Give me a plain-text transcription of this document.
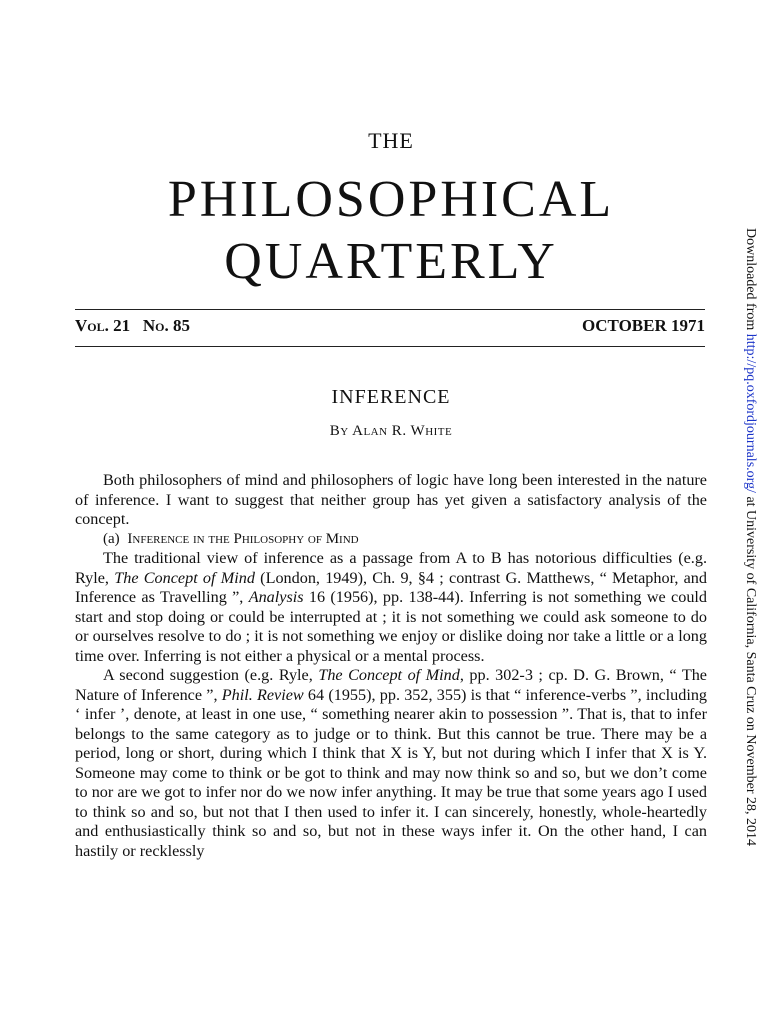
THE
PHILOSOPHICAL
QUARTERLY
Vol. 21 No. 85	OCTOBER 1971
INFERENCE
By Alan R. White

Both philosophers of mind and philosophers of logic have long been interested in the nature of inference. I want to suggest that neither group has yet given a satisfactory analysis of the concept.

(a) Inference in the Philosophy of Mind

The traditional view of inference as a passage from A to B has notorious difficulties (e.g. Ryle, The Concept of Mind (London, 1949), Ch. 9, §4 ; contrast G. Matthews, “ Metaphor, and Inference as Travelling ”, Analysis 16 (1956), pp. 138-44). Inferring is not something we could start and stop doing or could be interrupted at ; it is not something we could ask someone to do or ourselves resolve to do ; it is not something we enjoy or dislike doing nor take a little or a long time over. Inferring is not either a physical or a mental process.

A second suggestion (e.g. Ryle, The Concept of Mind, pp. 302-3 ; cp. D. G. Brown, “ The Nature of Inference ”, Phil. Review 64 (1955), pp. 352, 355) is that “ inference-verbs ”, including ‘ infer ’, denote, at least in one use, “ something nearer akin to possession ”. That is, that to infer belongs to the same category as to judge or to think. But this cannot be true. There may be a period, long or short, during which I think that X is Y, but not during which I infer that X is Y. Someone may come to think or be got to think and may now think so and so, but we don’t come to nor are we got to infer nor do we now infer anything. It may be true that some years ago I used to think so and so, but not that I then used to infer it. I can sincerely, honestly, whole-heartedly and enthusiastically think so and so, but not in these ways infer it. On the other hand, I can hastily or recklessly

Downloaded from http://pq.oxfordjournals.org/ at University of California, Santa Cruz on November 28, 2014
